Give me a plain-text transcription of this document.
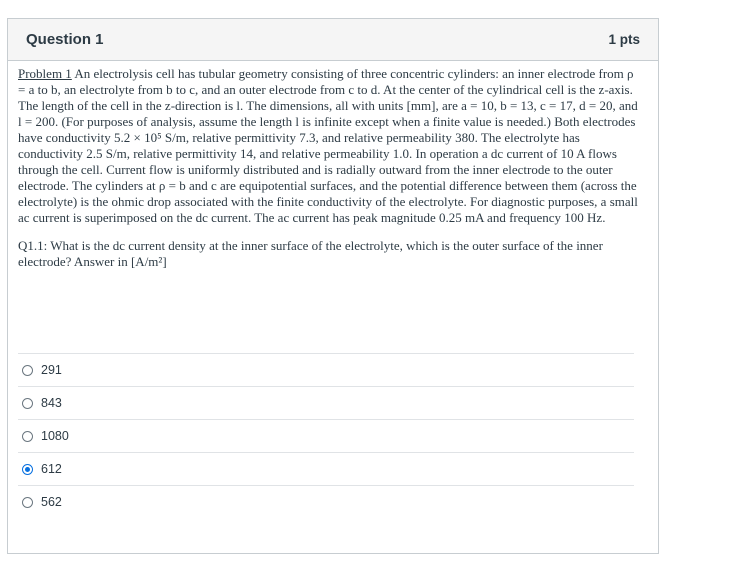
Question 1	1 pts
Problem 1 An electrolysis cell has tubular geometry consisting of three concentric cylinders: an inner electrode from ρ = a to b, an electrolyte from b to c, and an outer electrode from c to d. At the center of the cylindrical cell is the z-axis. The length of the cell in the z-direction is l. The dimensions, all with units [mm], are a = 10, b = 13, c = 17, d = 20, and l = 200. (For purposes of analysis, assume the length l is infinite except when a finite value is needed.) Both electrodes have conductivity 5.2 × 10⁵ S/m, relative permittivity 7.3, and relative permeability 380. The electrolyte has conductivity 2.5 S/m, relative permittivity 14, and relative permeability 1.0. In operation a dc current of 10 A flows through the cell. Current flow is uniformly distributed and is radially outward from the inner electrode to the outer electrode. The cylinders at ρ = b and c are equipotential surfaces, and the potential difference between them (across the electrolyte) is the ohmic drop associated with the finite conductivity of the electrolyte. For diagnostic purposes, a small ac current is superimposed on the dc current. The ac current has peak magnitude 0.25 mA and frequency 100 Hz.
Q1.1: What is the dc current density at the inner surface of the electrolyte, which is the outer surface of the inner electrode? Answer in [A/m²]
291
843
1080
612
562
